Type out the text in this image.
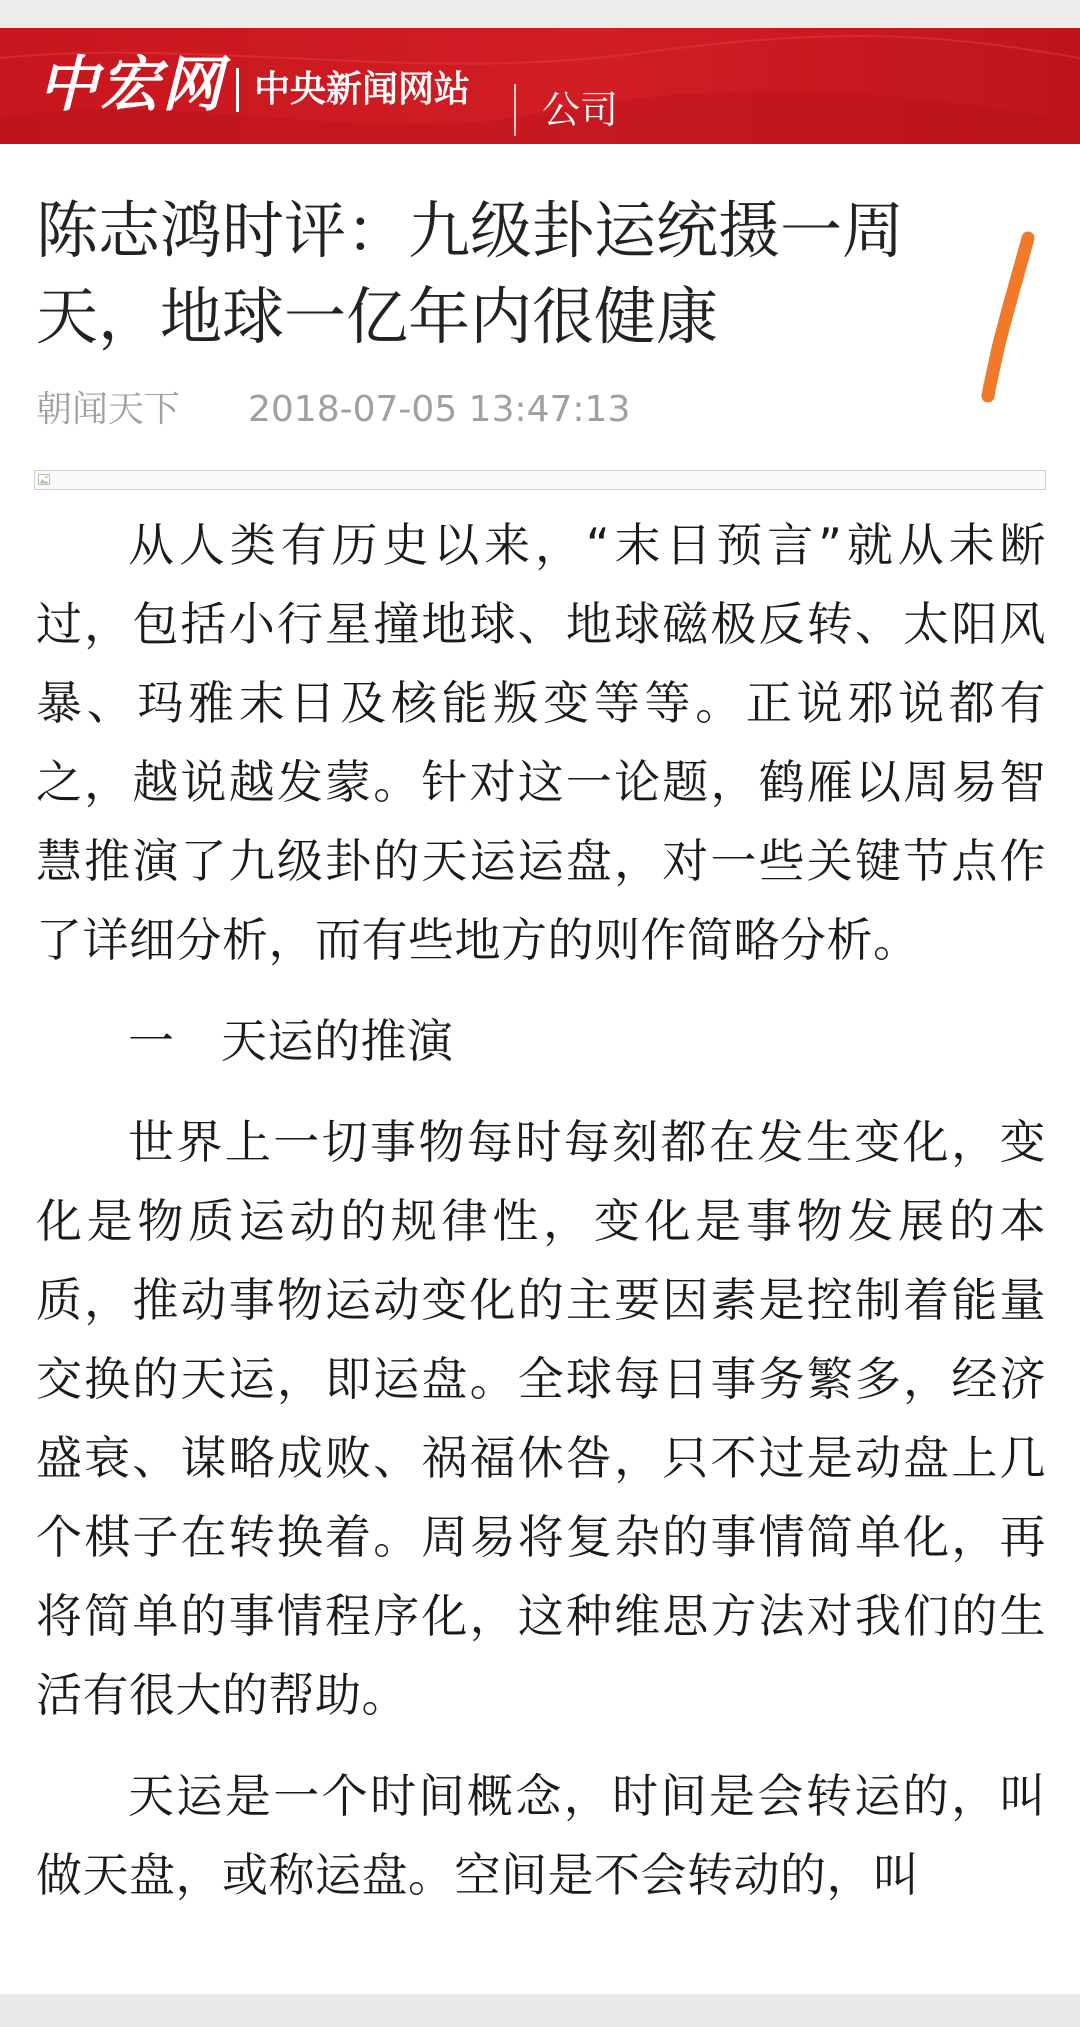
中宏网 中央新闻网站 公司
陈志鸿时评：九级卦运统摄一周天，地球一亿年内很健康
朝闻天下 2018-07-05 13:47:13

从人类有历史以来，“末日预言”就从未断过，包括小行星撞地球、地球磁极反转、太阳风暴、玛雅末日及核能叛变等等。正说邪说都有之，越说越发蒙。针对这一论题，鹤雁以周易智慧推演了九级卦的天运运盘，对一些关键节点作了详细分析，而有些地方的则作简略分析。

一　天运的推演

世界上一切事物每时每刻都在发生变化，变化是物质运动的规律性，变化是事物发展的本质，推动事物运动变化的主要因素是控制着能量交换的天运，即运盘。全球每日事务繁多，经济盛衰、谋略成败、祸福休咎，只不过是动盘上几个棋子在转换着。周易将复杂的事情简单化，再将简单的事情程序化，这种维思方法对我们的生活有很大的帮助。

天运是一个时间概念，时间是会转运的，叫做天盘，或称运盘。空间是不会转动的，叫
